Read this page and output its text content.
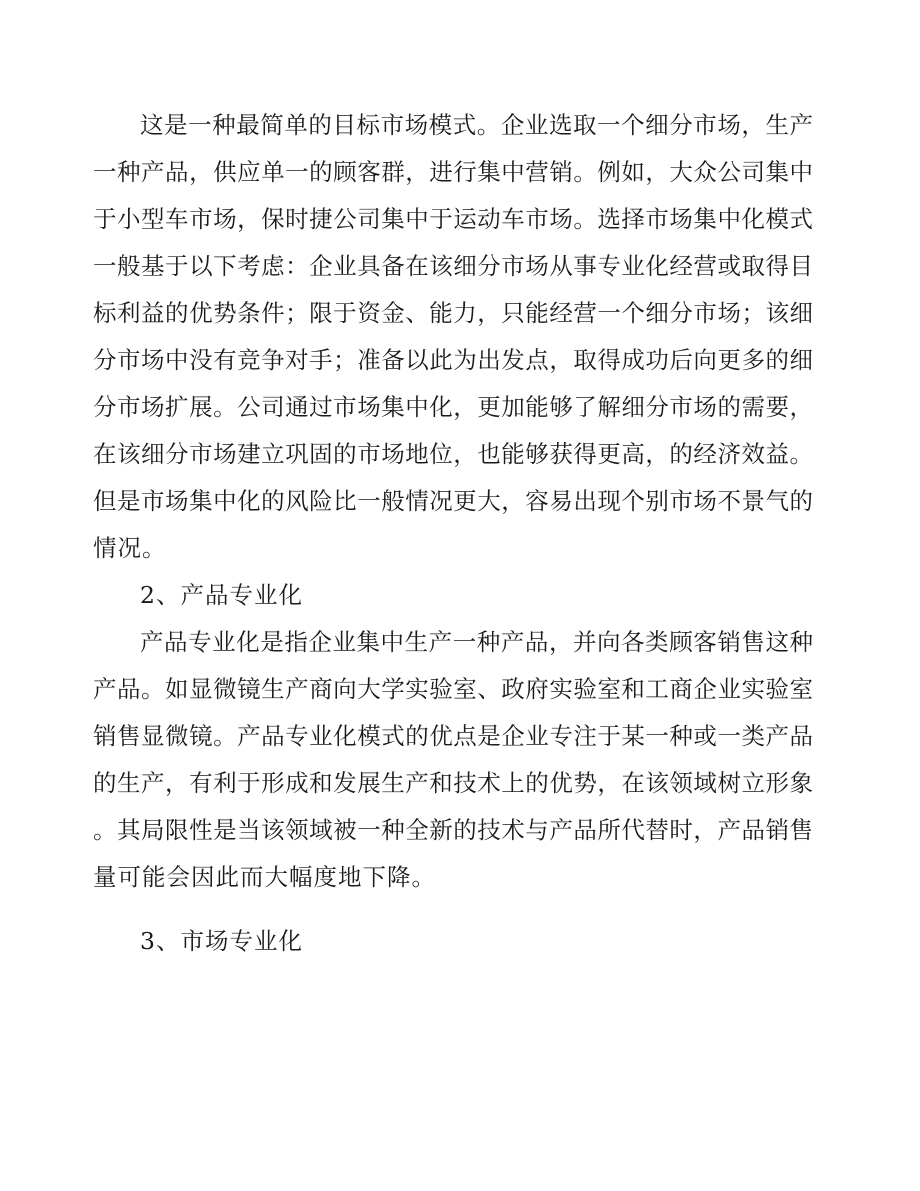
这是一种最简单的目标市场模式。企业选取一个细分市场，生产
一种产品，供应单一的顾客群，进行集中营销。例如，大众公司集中
于小型车市场，保时捷公司集中于运动车市场。选择市场集中化模式
一般基于以下考虑：企业具备在该细分市场从事专业化经营或取得目
标利益的优势条件；限于资金、能力，只能经营一个细分市场；该细
分市场中没有竞争对手；准备以此为出发点，取得成功后向更多的细
分市场扩展。公司通过市场集中化，更加能够了解细分市场的需要，
在该细分市场建立巩固的市场地位，也能够获得更高，的经济效益。
但是市场集中化的风险比一般情况更大，容易出现个别市场不景气的
情况。
2、产品专业化
产品专业化是指企业集中生产一种产品，并向各类顾客销售这种
产品。如显微镜生产商向大学实验室、政府实验室和工商企业实验室
销售显微镜。产品专业化模式的优点是企业专注于某一种或一类产品
的生产，有利于形成和发展生产和技术上的优势，在该领域树立形象
。其局限性是当该领域被一种全新的技术与产品所代替时，产品销售
量可能会因此而大幅度地下降。
3、市场专业化
